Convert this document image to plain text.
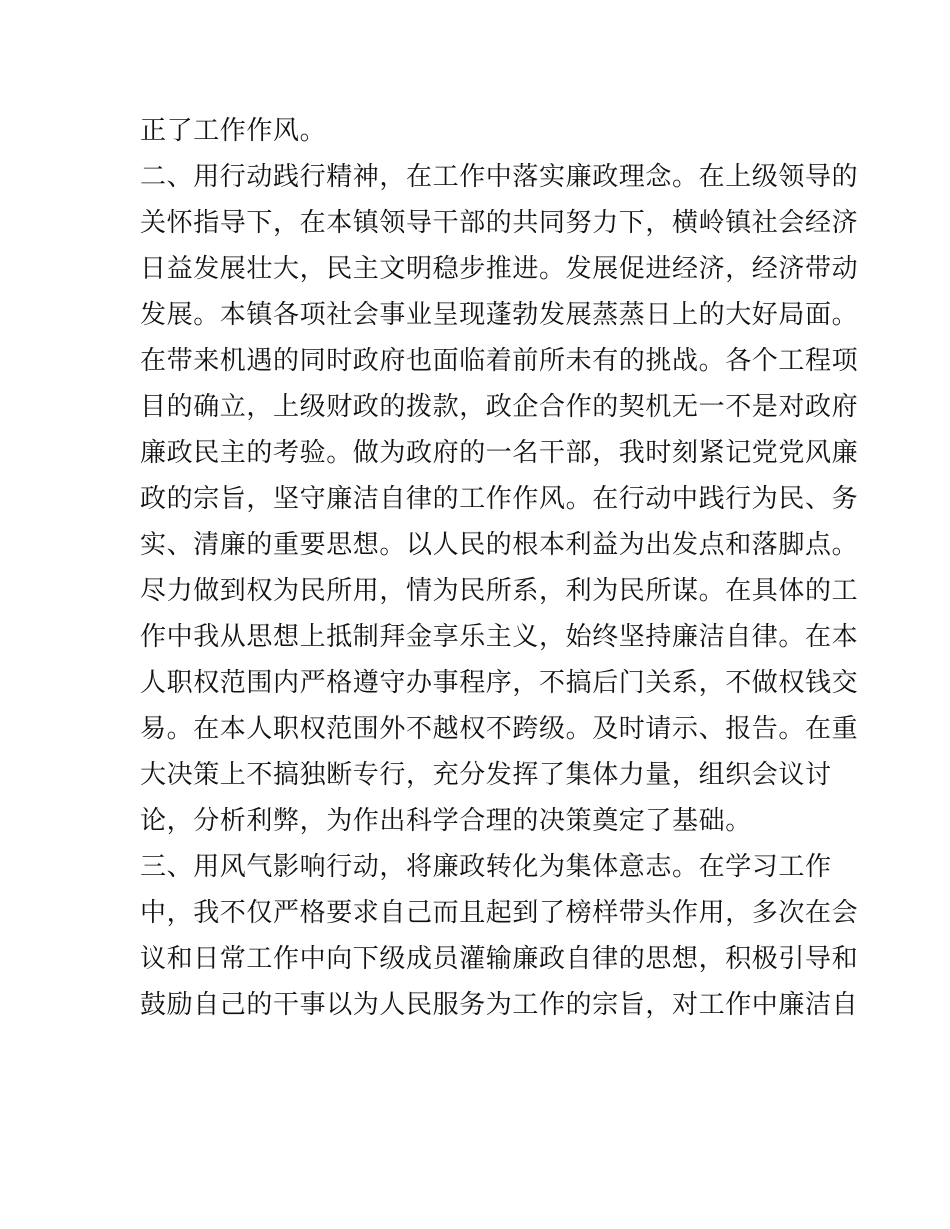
正了工作作风。
二、用行动践行精神，在工作中落实廉政理念。在上级领导的
关怀指导下，在本镇领导干部的共同努力下，横岭镇社会经济
日益发展壮大，民主文明稳步推进。发展促进经济，经济带动
发展。本镇各项社会事业呈现蓬勃发展蒸蒸日上的大好局面。
在带来机遇的同时政府也面临着前所未有的挑战。各个工程项
目的确立，上级财政的拨款，政企合作的契机无一不是对政府
廉政民主的考验。做为政府的一名干部，我时刻紧记党党风廉
政的宗旨，坚守廉洁自律的工作作风。在行动中践行为民、务
实、清廉的重要思想。以人民的根本利益为出发点和落脚点。
尽力做到权为民所用，情为民所系，利为民所谋。在具体的工
作中我从思想上抵制拜金享乐主义，始终坚持廉洁自律。在本
人职权范围内严格遵守办事程序，不搞后门关系，不做权钱交
易。在本人职权范围外不越权不跨级。及时请示、报告。在重
大决策上不搞独断专行，充分发挥了集体力量，组织会议讨
论，分析利弊，为作出科学合理的决策奠定了基础。
三、用风气影响行动，将廉政转化为集体意志。在学习工作
中，我不仅严格要求自己而且起到了榜样带头作用，多次在会
议和日常工作中向下级成员灌输廉政自律的思想，积极引导和
鼓励自己的干事以为人民服务为工作的宗旨，对工作中廉洁自
